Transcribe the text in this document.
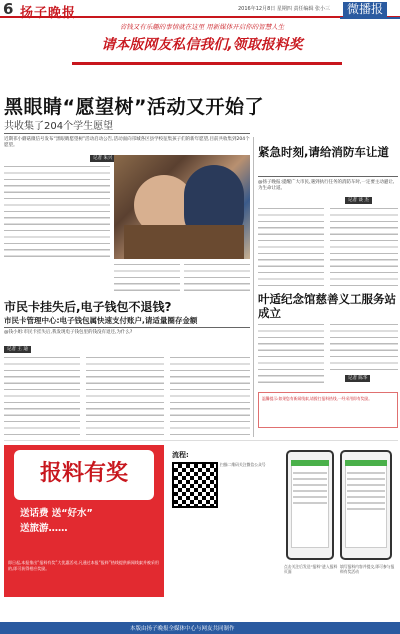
6 扬子晚报	2016年12月8日 星期四 责任编辑 张小三	微播报
省钱又有乐趣的事情就在这里 用新媒体开启你的智慧人生
请本版网友私信我们,领取报料奖
黑眼睛“愿望树”活动又开始了
共收集了204个学生愿望
近期邗小蘑菇微信号发布“黑眼睛愿望树”活动启动公告,活动面向邗城各区县学校征集孩子们的新年愿望,目前共收集到204个愿望。
记者 朱兴	紧急时刻,请给消防车让道
@扬子晚报:提醒广大市民,遇到执行任务的消防车时,一定要主动避让,为生命让道。
记者 谈 杰
叶适纪念馆慈善义工服务站成立
记者 陈华
温馨提示:如果您有新闻线索,请拨打报料热线,一经采用即有奖励。
市民卡挂失后,电子钱包不退钱?
市民卡管理中心:电子钱包属快速支付账户,请适量圈存金额
@钱小姐:市民卡挂失后,我发现电子钱包里的钱没有退还,为什么?
记者 王 迪
报料有奖
送话费 送“好水”
送旅游……
即日起,本报推出“报料有奖”大优惠活动,凡通过本报“报料”热线提供新闻线索并被采用的,即可获得相应奖励。
流程:
扫描二维码关注微信公众号
点击关注后发送“报料”进入报料页面
填写报料内容并提交,即可参与报料有奖活动
本版由扬子晚报全媒体中心与网友共同制作
